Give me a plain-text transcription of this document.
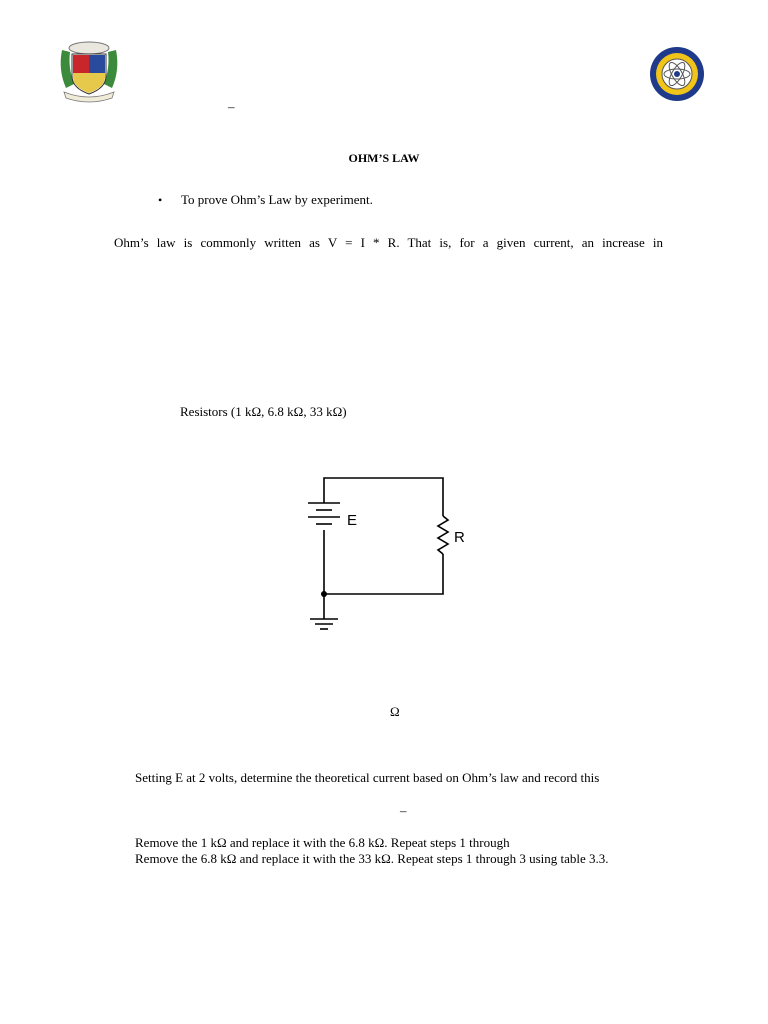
–
OHM’S LAW
• To prove Ohm’s Law by experiment.
Ohm’s law is commonly written as V = I * R. That is, for a given current, an increase in
Resistors (1 kΩ, 6.8 kΩ, 33 kΩ)
E
R
Ω
Setting E at 2 volts, determine the theoretical current based on Ohm’s law and record this
–
Remove the 1 kΩ and replace it with the 6.8 kΩ. Repeat steps 1 through
Remove the 6.8 kΩ and replace it with the 33 kΩ. Repeat steps 1 through 3 using table 3.3.
